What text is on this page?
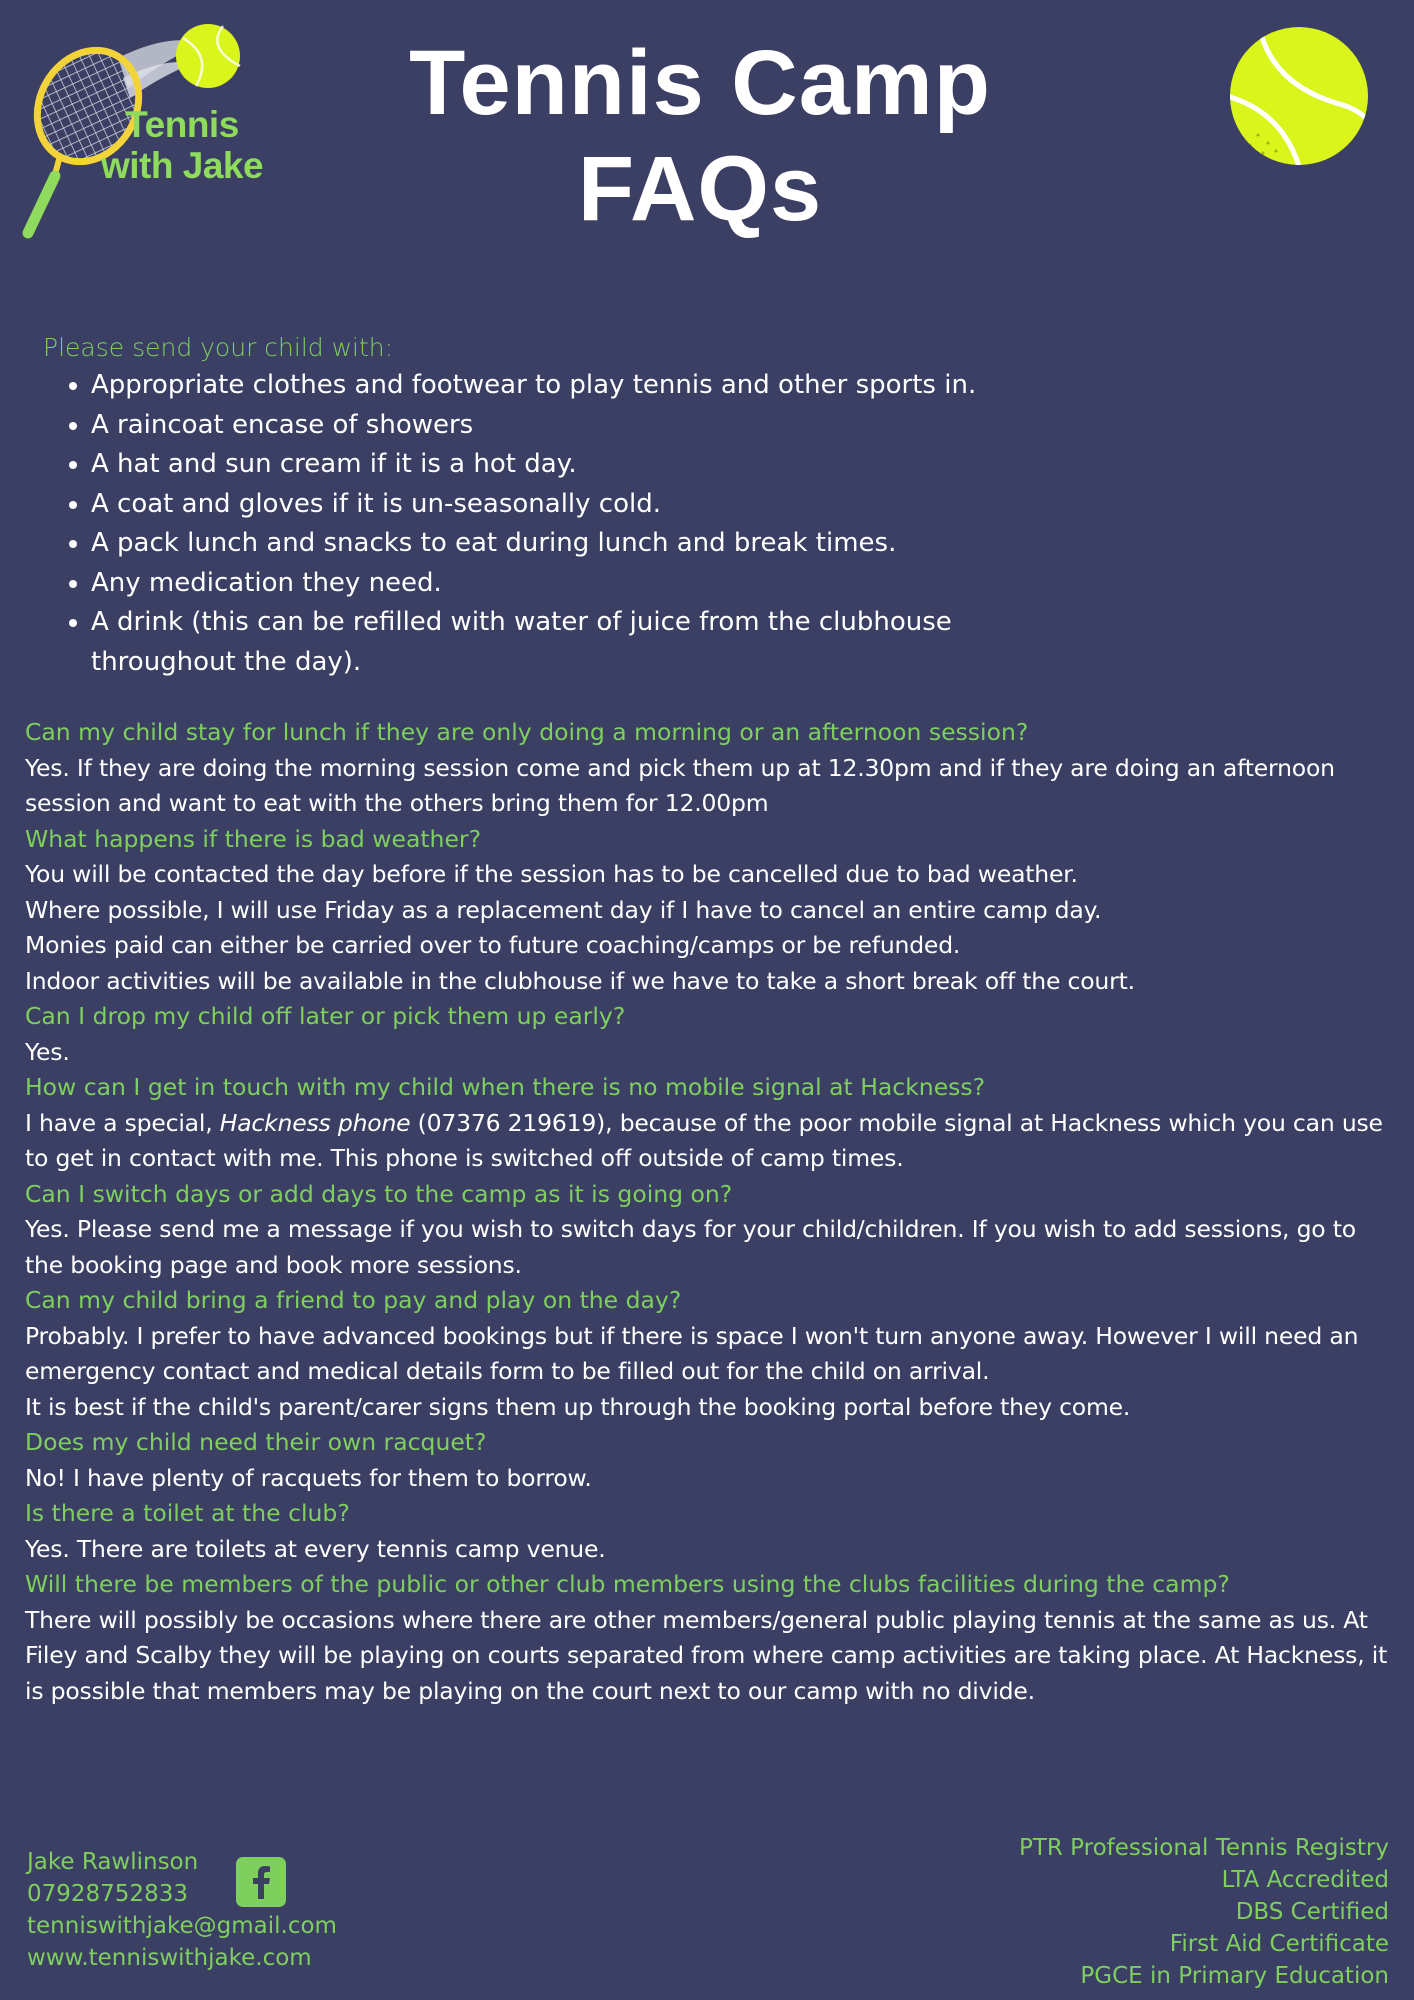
Tennis
with Jake
Tennis Camp
FAQs

Please send your child with:

• Appropriate clothes and footwear to play tennis and other sports in.
• A raincoat encase of showers
• A hat and sun cream if it is a hot day.
• A coat and gloves if it is un-seasonally cold.
• A pack lunch and snacks to eat during lunch and break times.
• Any medication they need.
• A drink (this can be refilled with water of juice from the clubhouse throughout the day).

Can my child stay for lunch if they are only doing a morning or an afternoon session?

Yes. If they are doing the morning session come and pick them up at 12.30pm and if they are doing an afternoon session and want to eat with the others bring them for 12.00pm

What happens if there is bad weather?

You will be contacted the day before if the session has to be cancelled due to bad weather.

Where possible, I will use Friday as a replacement day if I have to cancel an entire camp day.

Monies paid can either be carried over to future coaching/camps or be refunded.

Indoor activities will be available in the clubhouse if we have to take a short break off the court.

Can I drop my child off later or pick them up early?

Yes.

How can I get in touch with my child when there is no mobile signal at Hackness?

I have a special, Hackness phone (07376 219619), because of the poor mobile signal at Hackness which you can use to get in contact with me. This phone is switched off outside of camp times.

Can I switch days or add days to the camp as it is going on?

Yes. Please send me a message if you wish to switch days for your child/children. If you wish to add sessions, go to the booking page and book more sessions.

Can my child bring a friend to pay and play on the day?

Probably. I prefer to have advanced bookings but if there is space I won't turn anyone away. However I will need an emergency contact and medical details form to be filled out for the child on arrival.

It is best if the child's parent/carer signs them up through the booking portal before they come.

Does my child need their own racquet?

No! I have plenty of racquets for them to borrow.

Is there a toilet at the club?

Yes. There are toilets at every tennis camp venue.

Will there be members of the public or other club members using the clubs facilities during the camp?

There will possibly be occasions where there are other members/general public playing tennis at the same as us. At Filey and Scalby they will be playing on courts separated from where camp activities are taking place. At Hackness, it is possible that members may be playing on the court next to our camp with no divide.

Jake Rawlinson
07928752833
tenniswithjake@gmail.com
www.tenniswithjake.com
PTR Professional Tennis Registry
LTA Accredited
DBS Certified
First Aid Certificate
PGCE in Primary Education
